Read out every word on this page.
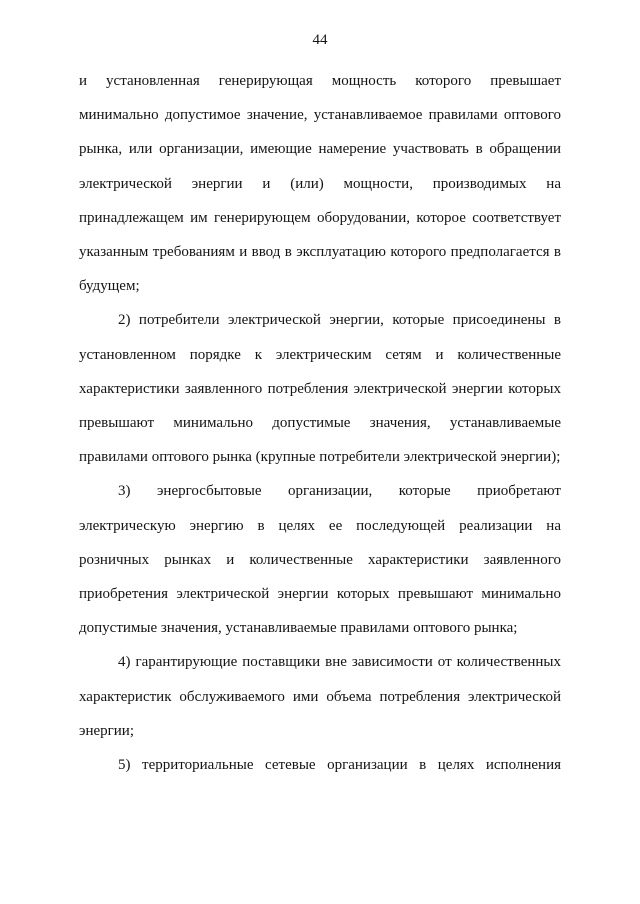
44

и установленная генерирующая мощность которого превышает минимально допустимое значение, устанавливаемое правилами оптового рынка, или организации, имеющие намерение участвовать в обращении электрической энергии и (или) мощности, производимых на принадлежащем им генерирующем оборудовании, которое соответствует указанным требованиям и ввод в эксплуатацию которого предполагается в будущем;

2) потребители электрической энергии, которые присоединены в установленном порядке к электрическим сетям и количественные характеристики заявленного потребления электрической энергии которых превышают минимально допустимые значения, устанавливаемые правилами оптового рынка (крупные потребители электрической энергии);

3) энергосбытовые организации, которые приобретают электрическую энергию в целях ее последующей реализации на розничных рынках и количественные характеристики заявленного приобретения электрической энергии которых превышают минимально допустимые значения, устанавливаемые правилами оптового рынка;

4) гарантирующие поставщики вне зависимости от количественных характеристик обслуживаемого ими объема потребления электрической энергии;

5) территориальные сетевые организации в целях исполнения
